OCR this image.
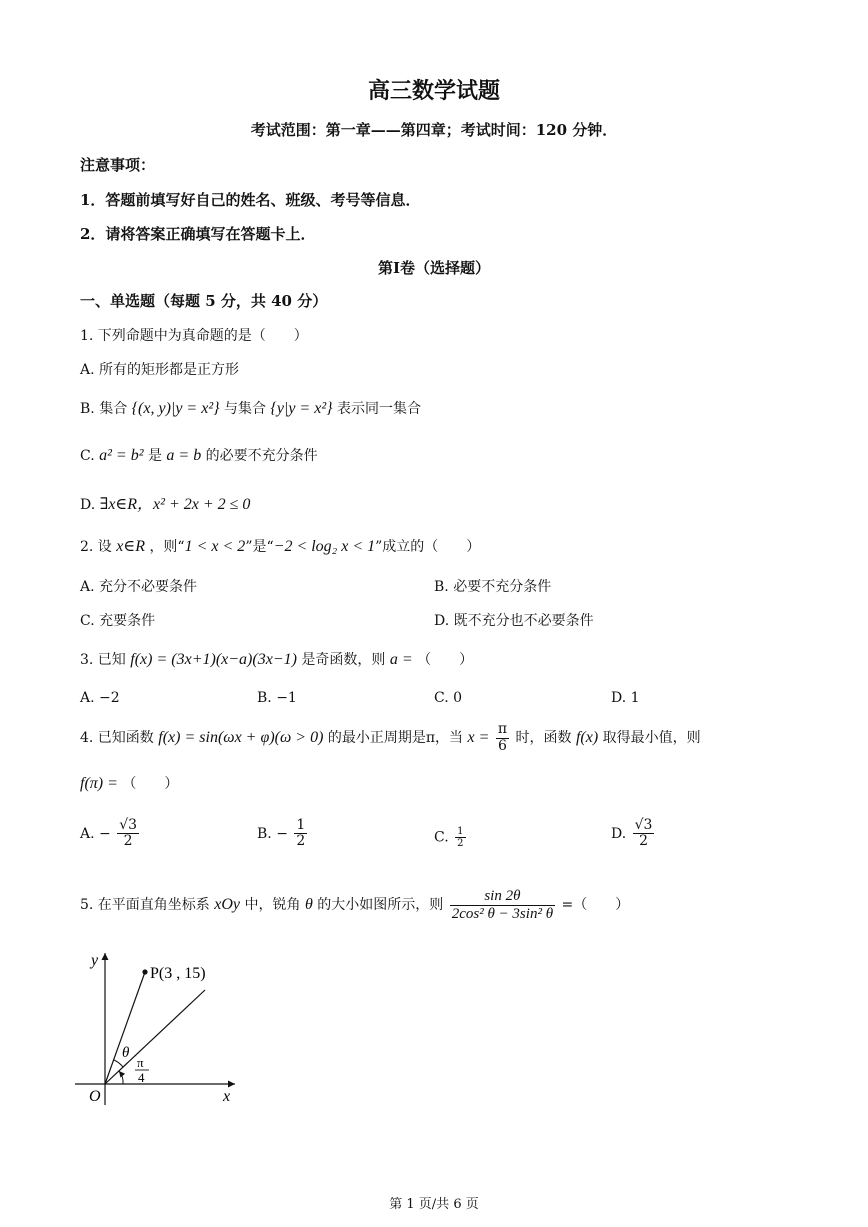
高三数学试题
考试范围：第一章——第四章；考试时间：120 分钟．
注意事项：
1．答题前填写好自己的姓名、班级、考号等信息．
2．请将答案正确填写在答题卡上．
第I卷（选择题）
一、单选题（每题 5 分，共 40 分）
1. 下列命题中为真命题的是（　　）
A. 所有的矩形都是正方形
B. 集合 {(x, y)|y = x²} 与集合 {y|y = x²} 表示同一集合
C. a² = b² 是 a = b 的必要不充分条件
D. ∃x∈R，x² + 2x + 2 ≤ 0
2. 设 x∈R ，则“1 < x < 2”是“−2 < log₂ x < 1”成立的（　　）
A. 充分不必要条件	B. 必要不充分条件
C. 充要条件	D. 既不充分也不必要条件
3. 已知 f(x) = (3x+1)(x−a)(3x−1) 是奇函数，则 a = （　　）
A. −2	B. −1	C. 0	D. 1
4. 已知函数 f(x) = sin(ωx + φ)(ω > 0) 的最小正周期是π，当 $x = \frac{\pi}{6}$ 时，函数 f(x) 取得最小值，则
f(π) = （　　）
A. − $\frac{√3}{2}$	B. − $\frac{1}{2}$	C. $\frac{1}{2}$	D. $\frac{√3}{2}$
5. 在平面直角坐标系 xOy 中，锐角 θ 的大小如图所示，则 $\frac{\sin 2\theta}{\text{2cos² θ − 3sin² θ}}$ =（　　）
y
x
O
P(3 , 15)
θ
π
4
第 1 页/共 6 页
